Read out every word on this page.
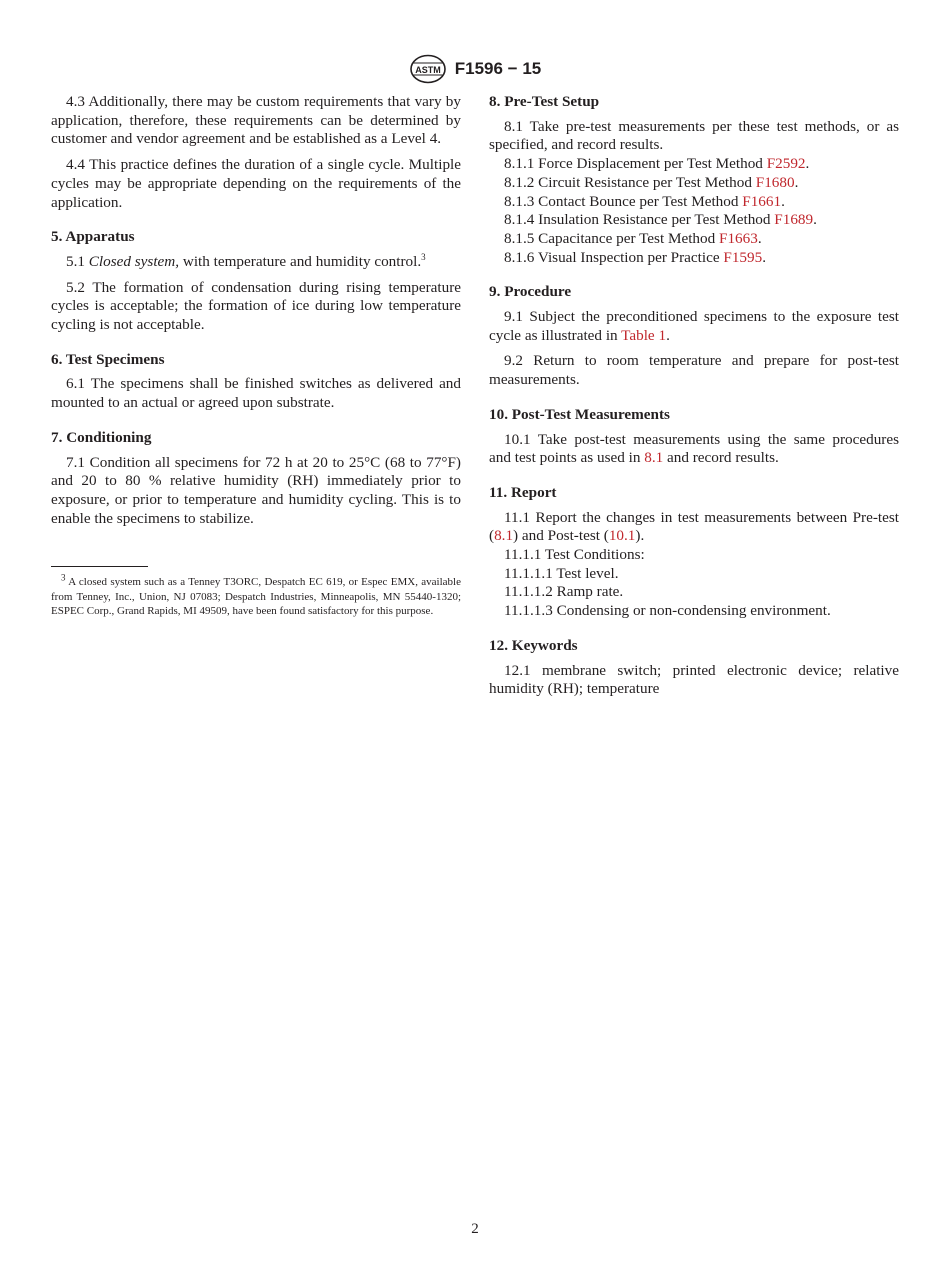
ASTM F1596 − 15

4.3 Additionally, there may be custom requirements that vary by application, therefore, these requirements can be determined by customer and vendor agreement and be established as a Level 4.

4.4 This practice defines the duration of a single cycle. Multiple cycles may be appropriate depending on the requirements of the application.

5. Apparatus

5.1 Closed system, with temperature and humidity control.$^3$

5.2 The formation of condensation during rising temperature cycles is acceptable; the formation of ice during low temperature cycling is not acceptable.

6. Test Specimens

6.1 The specimens shall be finished switches as delivered and mounted to an actual or agreed upon substrate.

7. Conditioning

7.1 Condition all specimens for 72 h at 20 to 25°C (68 to 77°F) and 20 to 80 % relative humidity (RH) immediately prior to exposure, or prior to temperature and humidity cycling. This is to enable the specimens to stabilize.

$^3$ A closed system such as a Tenney T3ORC, Despatch EC 619, or Espec EMX, available from Tenney, Inc., Union, NJ 07083; Despatch Industries, Minneapolis, MN 55440-1320; ESPEC Corp., Grand Rapids, MI 49509, have been found satisfactory for this purpose.

8. Pre-Test Setup

8.1 Take pre-test measurements per these test methods, or as specified, and record results.

8.1.1 Force Displacement per Test Method F2592.

8.1.2 Circuit Resistance per Test Method F1680.

8.1.3 Contact Bounce per Test Method F1661.

8.1.4 Insulation Resistance per Test Method F1689.

8.1.5 Capacitance per Test Method F1663.

8.1.6 Visual Inspection per Practice F1595.

9. Procedure

9.1 Subject the preconditioned specimens to the exposure test cycle as illustrated in Table 1.

9.2 Return to room temperature and prepare for post-test measurements.

10. Post-Test Measurements

10.1 Take post-test measurements using the same procedures and test points as used in 8.1 and record results.

11. Report

11.1 Report the changes in test measurements between Pre-test (8.1) and Post-test (10.1).

11.1.1 Test Conditions:

11.1.1.1 Test level.

11.1.1.2 Ramp rate.

11.1.1.3 Condensing or non-condensing environment.

12. Keywords

12.1 membrane switch; printed electronic device; relative humidity (RH); temperature

2
